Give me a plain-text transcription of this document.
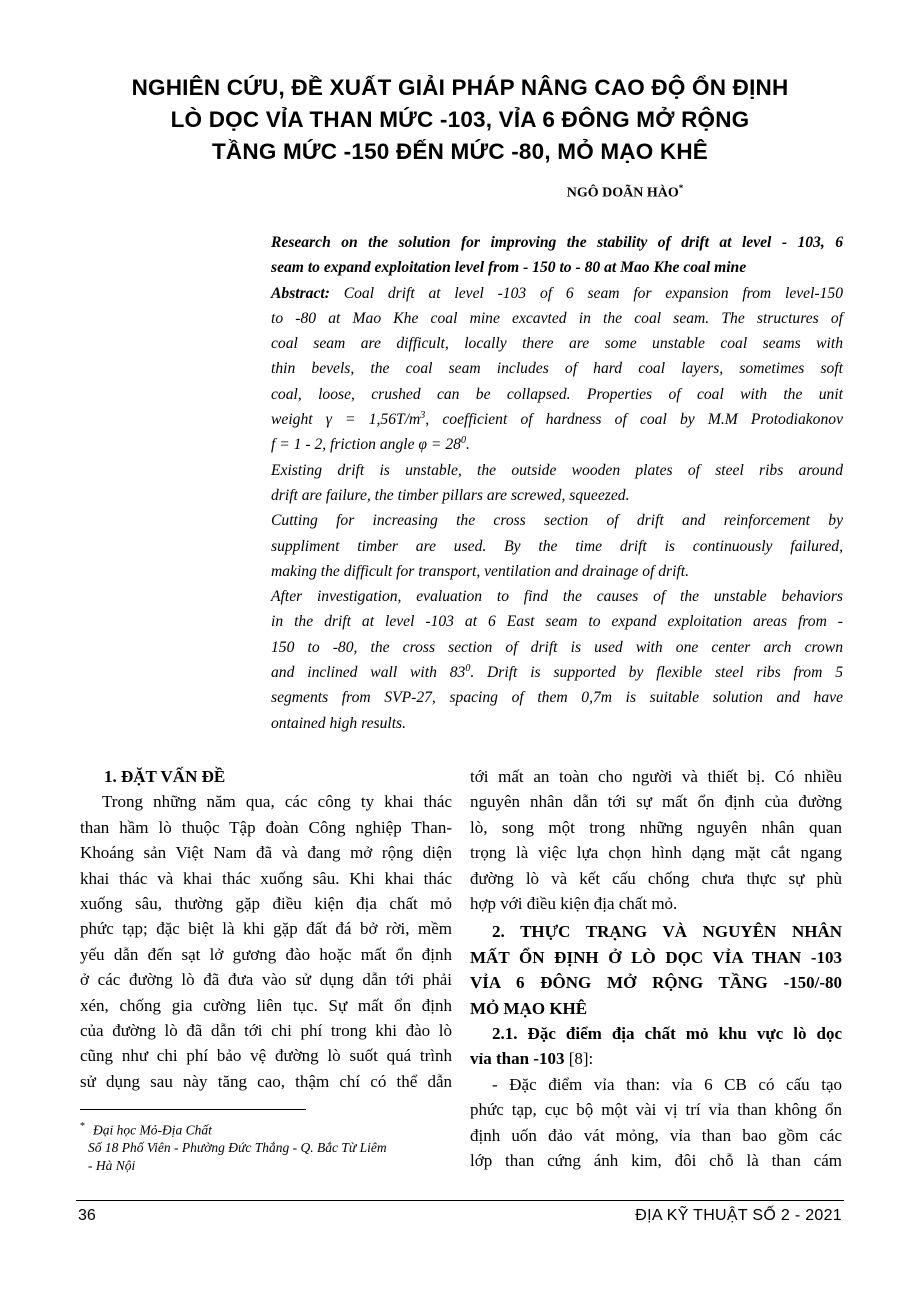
NGHIÊN CỨU, ĐỀ XUẤT GIẢI PHÁP NÂNG CAO ĐỘ ỔN ĐỊNH
LÒ DỌC VỈA THAN MỨC -103, VỈA 6 ĐÔNG MỞ RỘNG
TẦNG MỨC -150 ĐẾN MỨC -80, MỎ MẠO KHÊ
NGÔ DOÃN HÀO*
Research on the solution for improving the stability of drift at level - 103, 6
seam to expand exploitation level from - 150 to - 80 at Mao Khe coal mine
Abstract: Coal drift at level -103 of 6 seam for expansion from level-150
to -80 at Mao Khe coal mine excavted in the coal seam. The structures of
coal seam are difficult, locally there are some unstable coal seams with
thin bevels, the coal seam includes of hard coal layers, sometimes soft
coal, loose, crushed can be collapsed. Properties of coal with the unit
weight $\gamma = 1,56T/m^3$, coefficient of hardness of coal by M.M Protodiakonov
f = 1 - 2, friction angle $\varphi = 28^0$.
Existing drift is unstable, the outside wooden plates of steel ribs around
drift are failure, the timber pillars are screwed, squeezed.
Cutting for increasing the cross section of drift and reinforcement by
suppliment timber are used. By the time drift is continuously failured,
making the difficult for transport, ventilation and drainage of drift.
After investigation, evaluation to find the causes of the unstable behaviors
in the drift at level -103 at 6 East seam to expand exploitation areas from -
150 to -80, the cross section of drift is used with one center arch crown
and inclined wall with $83^0$. Drift is supported by flexible steel ribs from 5
segments from SVP-27, spacing of them 0,7m is suitable solution and have
ontained high results.
1. ĐẶT VẤN ĐỀ
Trong những năm qua, các công ty khai thác
than hầm lò thuộc Tập đoàn Công nghiệp Than-
Khoáng sản Việt Nam đã và đang mở rộng diện
khai thác và khai thác xuống sâu. Khi khai thác
xuống sâu, thường gặp điều kiện địa chất mỏ
phức tạp; đặc biệt là khi gặp đất đá bở rời, mềm
yếu dẫn đến sạt lở gương đào hoặc mất ổn định
ở các đường lò đã đưa vào sử dụng dẫn tới phải
xén, chống gia cường liên tục. Sự mất ổn định
của đường lò đã dẫn tới chi phí trong khi đào lò
cũng như chi phí bảo vệ đường lò suốt quá trình
sử dụng sau này tăng cao, thậm chí có thể dẫn
* Đại học Mỏ-Địa Chất
Số 18 Phố Viên - Phường Đức Thắng - Q. Bắc Từ Liêm
- Hà Nội
tới mất an toàn cho người và thiết bị. Có nhiều
nguyên nhân dẫn tới sự mất ổn định của đường
lò, song một trong những nguyên nhân quan
trọng là việc lựa chọn hình dạng mặt cắt ngang
đường lò và kết cấu chống chưa thực sự phù
hợp với điều kiện địa chất mỏ.
2. THỰC TRẠNG VÀ NGUYÊN NHÂN
MẤT ỔN ĐỊNH Ở LÒ DỌC VỈA THAN -103
VỈA 6 ĐÔNG MỞ RỘNG TẦNG -150/-80
MỎ MẠO KHÊ
2.1. Đặc điểm địa chất mỏ khu vực lò dọc
vỉa than -103 [8]:
- Đặc điểm vỉa than: vỉa 6 CB có cấu tạo
phức tạp, cục bộ một vài vị trí vỉa than không ổn
định uốn đảo vát mỏng, vỉa than bao gồm các
lớp than cứng ánh kim, đôi chỗ là than cám
36	ĐỊA KỸ THUẬT SỐ 2 - 2021
